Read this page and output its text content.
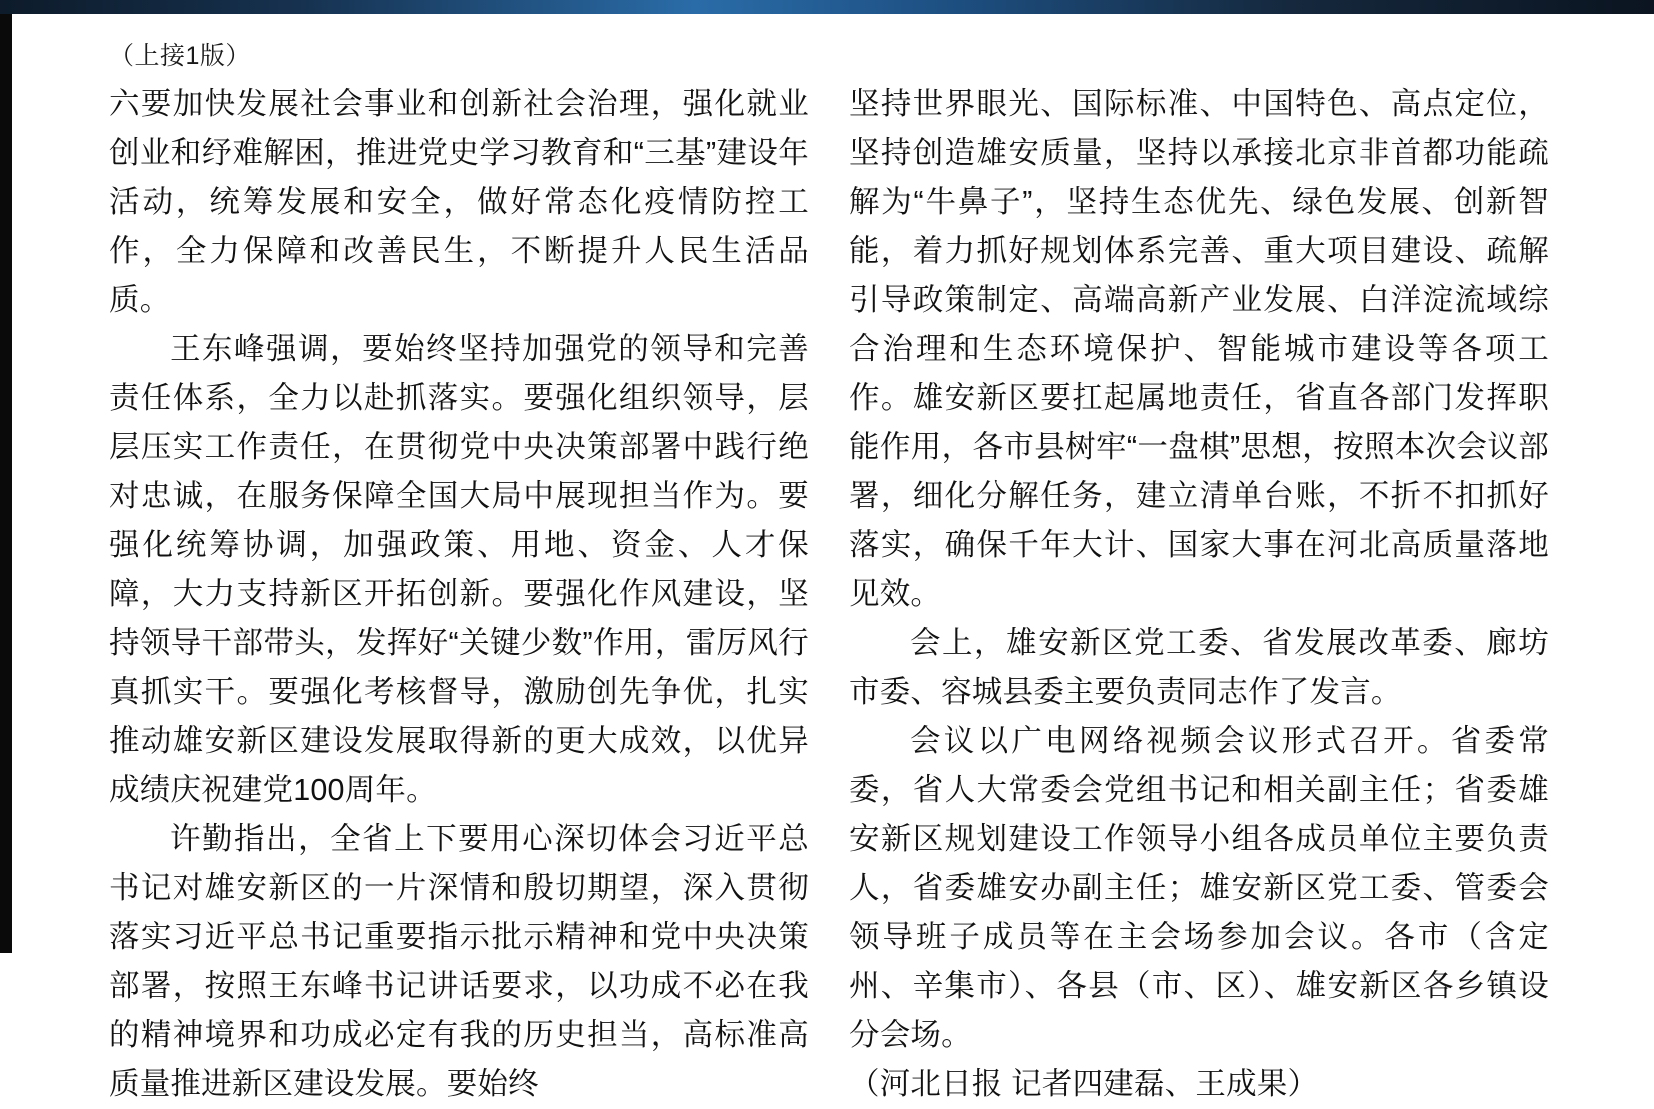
（上接1版）

六要加快发展社会事业和创新社会治理，强化就业创业和纾难解困，推进党史学习教育和“三基”建设年活动，统筹发展和安全，做好常态化疫情防控工作，全力保障和改善民生，不断提升人民生活品质。

王东峰强调，要始终坚持加强党的领导和完善责任体系，全力以赴抓落实。要强化组织领导，层层压实工作责任，在贯彻党中央决策部署中践行绝对忠诚，在服务保障全国大局中展现担当作为。要强化统筹协调，加强政策、用地、资金、人才保障，大力支持新区开拓创新。要强化作风建设，坚持领导干部带头，发挥好“关键少数”作用，雷厉风行真抓实干。要强化考核督导，激励创先争优，扎实推动雄安新区建设发展取得新的更大成效，以优异成绩庆祝建党100周年。

许勤指出，全省上下要用心深切体会习近平总书记对雄安新区的一片深情和殷切期望，深入贯彻落实习近平总书记重要指示批示精神和党中央决策部署，按照王东峰书记讲话要求，以功成不必在我的精神境界和功成必定有我的历史担当，高标准高质量推进新区建设发展。要始终

坚持世界眼光、国际标准、中国特色、高点定位，坚持创造雄安质量，坚持以承接北京非首都功能疏解为“牛鼻子”，坚持生态优先、绿色发展、创新智能，着力抓好规划体系完善、重大项目建设、疏解引导政策制定、高端高新产业发展、白洋淀流域综合治理和生态环境保护、智能城市建设等各项工作。雄安新区要扛起属地责任，省直各部门发挥职能作用，各市县树牢“一盘棋”思想，按照本次会议部署，细化分解任务，建立清单台账，不折不扣抓好落实，确保千年大计、国家大事在河北高质量落地见效。

会上，雄安新区党工委、省发展改革委、廊坊市委、容城县委主要负责同志作了发言。

会议以广电网络视频会议形式召开。省委常委，省人大常委会党组书记和相关副主任；省委雄安新区规划建设工作领导小组各成员单位主要负责人，省委雄安办副主任；雄安新区党工委、管委会领导班子成员等在主会场参加会议。各市（含定州、辛集市）、各县（市、区）、雄安新区各乡镇设分会场。

（河北日报 记者四建磊、王成果）
